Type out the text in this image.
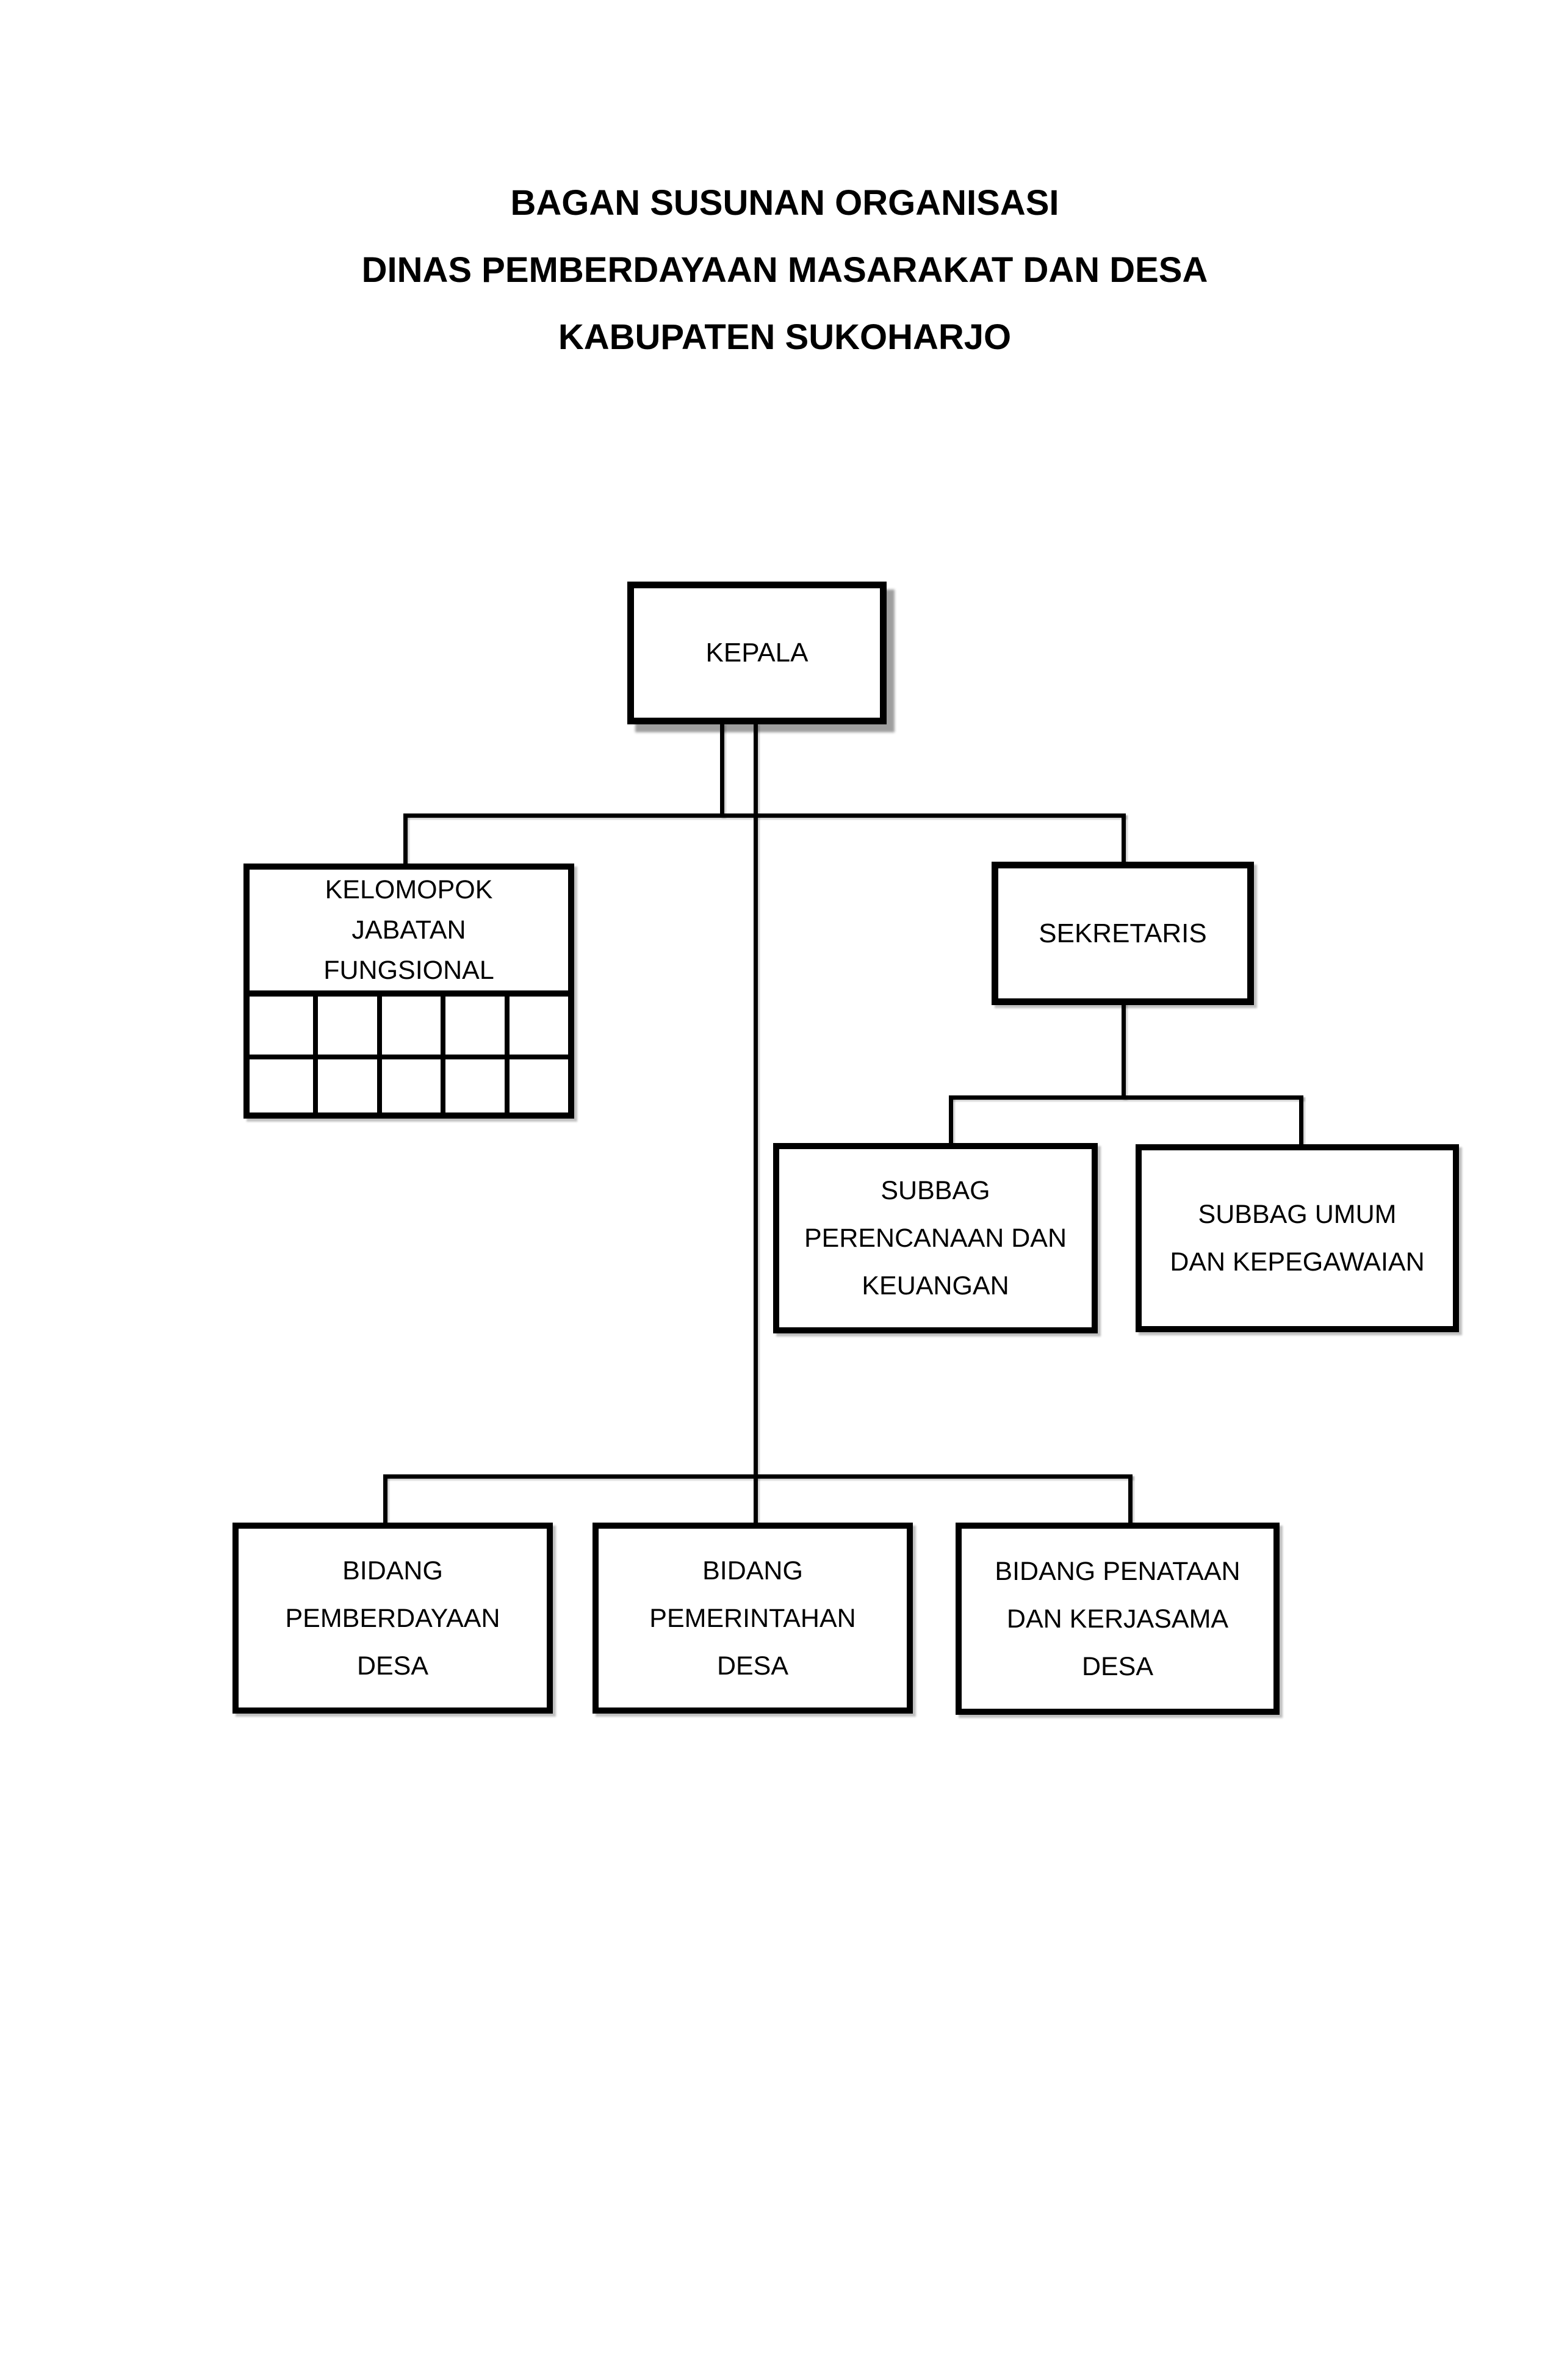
BAGAN SUSUNAN ORGANISASI
DINAS PEMBERDAYAAN MASARAKAT DAN DESA
KABUPATEN SUKOHARJO
KEPALA
KELOMOPOK
JABATAN
FUNGSIONAL
SEKRETARIS
SUBBAG
PERENCANAAN DAN
KEUANGAN
SUBBAG UMUM
DAN KEPEGAWAIAN
BIDANG
PEMBERDAYAAN
DESA
BIDANG
PEMERINTAHAN
DESA
BIDANG PENATAAN
DAN KERJASAMA
DESA
